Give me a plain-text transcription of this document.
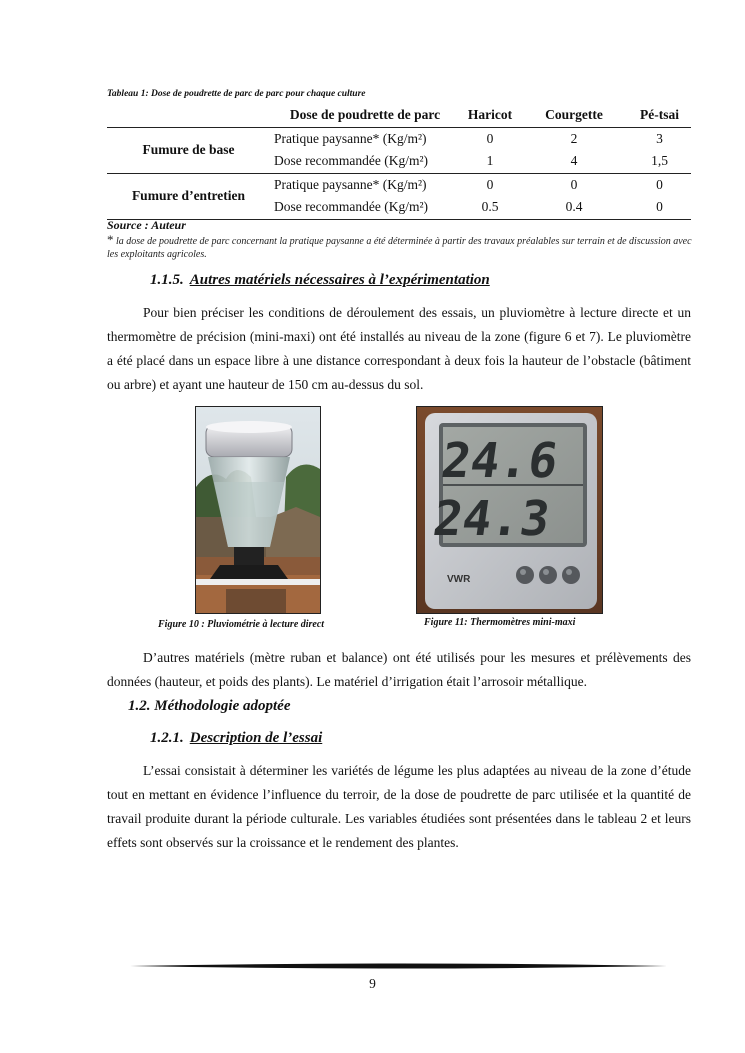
Tableau 1: Dose de poudrette de parc de parc pour chaque culture
	Dose de poudrette de parc	Haricot	Courgette	Pé-tsai
Fumure de base	Pratique paysanne* (Kg/m²)	0	2	3
	Dose recommandée (Kg/m²)	1	4	1,5
Fumure d’entretien	Pratique paysanne* (Kg/m²)	0	0	0
	Dose recommandée (Kg/m²)	0.5	0.4	0
Source : Auteur
* la dose de poudrette de parc concernant la pratique paysanne a été déterminée à partir des travaux préalables sur terrain et de discussion avec les exploitants agricoles.
1.1.5. Autres matériels nécessaires à l’expérimentation
Pour bien préciser les conditions de déroulement des essais, un pluviomètre à lecture directe et un thermomètre de précision (mini-maxi) ont été installés au niveau de la zone (figure 6 et 7). Le pluviomètre a été placé dans un espace libre à une distance correspondant à deux fois la hauteur de l’obstacle (bâtiment ou arbre) et ayant une hauteur de 150 cm au-dessus du sol.
24.6
24.3
VWR
Figure 10 : Pluviométrie à lecture direct	Figure 11: Thermomètres mini-maxi
D’autres matériels (mètre ruban et balance) ont été utilisés pour les mesures et prélèvements des données (hauteur, et poids des plants). Le matériel d’irrigation était l’arrosoir métallique.
1.2. Méthodologie adoptée
1.2.1. Description de l’essai
L’essai consistait à déterminer les variétés de légume les plus adaptées au niveau de la zone d’étude tout en mettant en évidence l’influence du terroir, de la dose de poudrette de parc utilisée et la quantité de travail produite durant la période culturale. Les variables étudiées sont présentées dans le tableau 2 et leurs effets sont observés sur la croissance et le rendement des plantes.
9
